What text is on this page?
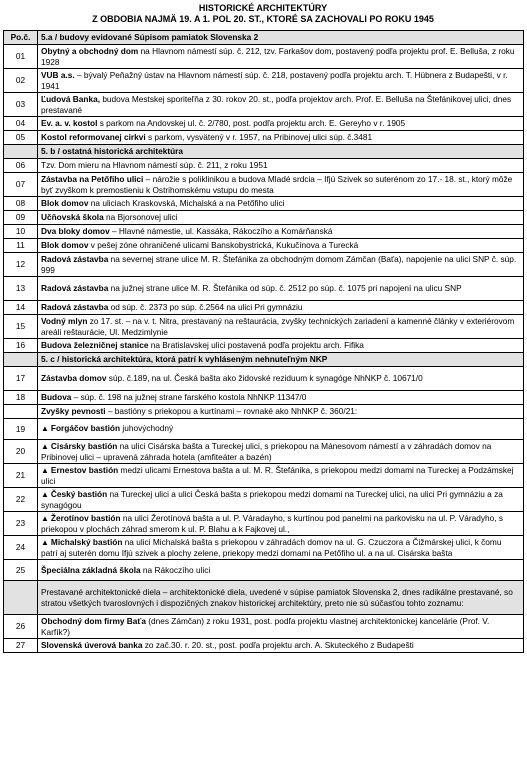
HISTORICKÉ ARCHITEKTÚRY
Z OBDOBIA NAJMÄ 19. A 1. POL 20. ST., KTORÉ SA ZACHOVALI PO ROKU 1945
Po.č.	5.a / budovy evidované Súpisom pamiatok Slovenska 2
01	Obytný a obchodný dom na Hlavnom námestí súp. č. 212, tzv. Farkašov dom, postavený podľa projektu prof. E. Belluša, z roku 1928
02	VUB a.s. – bývalý Peňažný ústav na Hlavnom námestí súp. č. 218, postavený podľa projektu arch. T. Hübnera z Budapešti, v r. 1941
03	Ľudová Banka, budova Mestskej sporiteľňa z 30. rokov 20. st., podľa projektov arch. Prof. E. Belluša na Štefánikovej ulici, dnes prestavané
04	Ev. a. v. kostol s parkom na Andovskej ul. č. 2/780, post. podľa projektu arch. E. Gereyho v r. 1905
05	Kostol reformovanej cirkvi s parkom, vysvätený v r. 1957, na Pribinovej ulici súp. č.3481
	5. b / ostatná historická architektúra
06	Tzv. Dom mieru na Hlavnom námestí súp. č. 211, z roku 1951
07	Zástavba na Petőfiho ulici – nárožie s poliklinikou a budova Mladé srdcia – Ifjú Szivek so suterénom zo 17.- 18. st., ktorý môže byť zvyškom k premostieniu k Ostrihomskému vstupu do mesta
08	Blok domov na uliciach Kraskovská, Michalská a na Petőfiho ulici
09	Učňovská škola na Bjorsonovej ulici
10	Dva bloky domov – Hlavné námestie, ul. Kassáka, Rákoczího a Komárňanská
11	Blok domov v pešej zóne ohraničené ulicami Banskobystrická, Kukučínova a Turecká
12	Radová zástavba na severnej strane ulice M. R. Štefánika za obchodným domom Zámčan (Baťa), napojenie na ulici SNP č. súp. 999
13	Radová zástavba na južnej strane ulice M. R. Štefánika od súp. č. 2512 po súp. č. 1075 pri napojení na ulicu SNP
14	Radová zástavba od súp. č. 2373 po súp. č.2564 na ulici Pri gymnáziu
15	Vodný mlyn zo 17. st. – na v. t. Nitra, prestavaný na reštaurácia, zvyšky technických zariadení a kamenné články v exteriérovom areáli reštaurácie, Ul. Medzimlynie
16	Budova železničnej stanice na Bratislavskej ulici postavená podľa projektu arch. Fifika
	5. c / historická architektúra, ktorá patrí k vyhláseným nehnuteľným NKP
17	Zástavba domov súp. č.189, na ul. Česká bašta ako židovské reziduum k synagóge NhNKP č. 10671/0
18	Budova – súp. č. 198 na južnej strane farského kostola NhNKP 11347/0
	Zvyšky pevnosti – bastióny s priekopou a kurtínami – rovnaké ako NhNKP č. 360/21:
19	▲ Forgáčov bastión juhovýchodný
20	▲ Cisársky bastión na ulici Cisárska bašta a Tureckej ulici, s priekopou na Mánesovom námestí a v záhradách domov na Pribinovej ulici – upravená záhrada hotela (amfiteáter a bazén)
21	▲ Ernestov bastión medzi ulicami Ernestova bašta a ul. M. R. Štefánika, s priekopou medzi domami na Tureckej a Podzámskej ulici
22	▲ Český bastión na Tureckej ulici a ulici Česká bašta s priekopou medzi domami na Tureckej ulici, na ulici Pri gymnáziu a za synagógou
23	▲ Žerotínov bastión na ulici Žerotínová bašta a ul. P. Váradayho, s kurtínou pod panelmi na parkovisku na ul. P. Váradyho, s priekopou v plochách záhrad smerom k ul. P. Blahu a k Fajkovej ul.,
24	▲ Michalský bastión na ulici Michalská bašta s priekopou v záhradách domov na ul. G. Czuczora a Čižmárskej ulici, k čomu patrí aj suterén domu Ifjú szivek a plochy zelene, priekopy medzi domami na Petőfiho ul. a na ul. Cisárska bašta
25	Špeciálna základná škola na Rákoczího ulici
	Prestavané architektonické diela – architektonické diela, uvedené v súpise pamiatok Slovenska 2, dnes radikálne prestavané, so stratou všetkých tvaroslovných i dispozičných znakov historickej architektúry, preto nie sú súčasťou tohto zoznamu:
26	Obchodný dom firmy Baťa (dnes Zámčan) z roku 1931, post. podľa projektu vlastnej architektonickej kancelárie (Prof. V. Karfík?)
27	Slovenská úverová banka zo zač.30. r. 20. st., post. podľa projektu arch. A. Skuteckého z Budapešti
